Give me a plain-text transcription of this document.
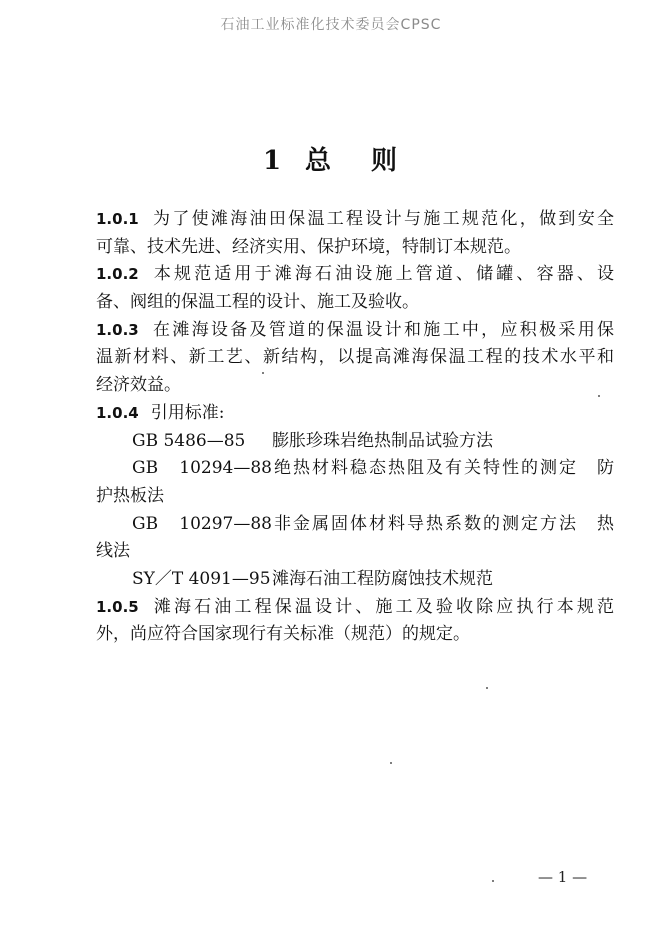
石油工业标准化技术委员会CPSC
1 总 则
1.0.1 为了使滩海油田保温工程设计与施工规范化，做到安全
可靠、技术先进、经济实用、保护环境，特制订本规范。
1.0.2 本规范适用于滩海石油设施上管道、储罐、容器、设
备、阀组的保温工程的设计、施工及验收。
1.0.3 在滩海设备及管道的保温设计和施工中，应积极采用保
温新材料、新工艺、新结构，以提高滩海保温工程的技术水平和
经济效益。
1.0.4 引用标准:
GB 5486—85 膨胀珍珠岩绝热制品试验方法
GB 10294—88绝热材料稳态热阻及有关特性的测定　防
护热板法
GB 10297—88非金属固体材料导热系数的测定方法　热
线法
SY／T 4091—95滩海石油工程防腐蚀技术规范
1.0.5 滩海石油工程保温设计、施工及验收除应执行本规范
外，尚应符合国家现行有关标准（规范）的规定。
— 1 —
